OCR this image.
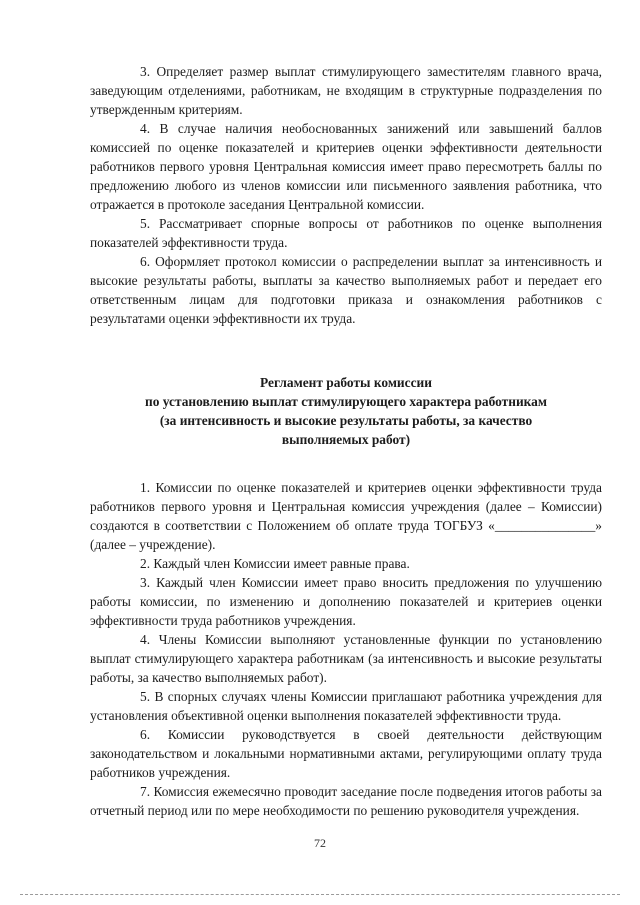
3. Определяет размер выплат стимулирующего заместителям главного врача, заведующим отделениями, работникам, не входящим в структурные подразделения по утвержденным критериям.

4. В случае наличия необоснованных занижений или завышений баллов комиссией по оценке показателей и критериев оценки эффективности деятельности работников первого уровня Центральная комиссия имеет право пересмотреть баллы по предложению любого из членов комиссии или письменного заявления работника, что отражается в протоколе заседания Центральной комиссии.

5. Рассматривает спорные вопросы от работников по оценке выполнения показателей эффективности труда.

6. Оформляет протокол комиссии о распределении выплат за интенсивность и высокие результаты работы, выплаты за качество выполняемых работ и передает его ответственным лицам для подготовки приказа и ознакомления работников с результатами оценки эффективности их труда.

Регламент работы комиссии
по установлению выплат стимулирующего характера работникам
(за интенсивность и высокие результаты работы, за качество
выполняемых работ)

1. Комиссии по оценке показателей и критериев оценки эффективности труда работников первого уровня и Центральная комиссия учреждения (далее – Комиссии) создаются в соответствии с Положением об оплате труда ТОГБУЗ «_______________» (далее – учреждение).

2. Каждый член Комиссии имеет равные права.

3. Каждый член Комиссии имеет право вносить предложения по улучшению работы комиссии, по изменению и дополнению показателей и критериев оценки эффективности труда работников учреждения.

4. Члены Комиссии выполняют установленные функции по установлению выплат стимулирующего характера работникам (за интенсивность и высокие результаты работы, за качество выполняемых работ).

5. В спорных случаях члены Комиссии приглашают работника учреждения для установления объективной оценки выполнения показателей эффективности труда.

6. Комиссии руководствуется в своей деятельности действующим законодательством и локальными нормативными актами, регулирующими оплату труда работников учреждения.

7. Комиссия ежемесячно проводит заседание после подведения итогов работы за отчетный период или по мере необходимости по решению руководителя учреждения.

72
